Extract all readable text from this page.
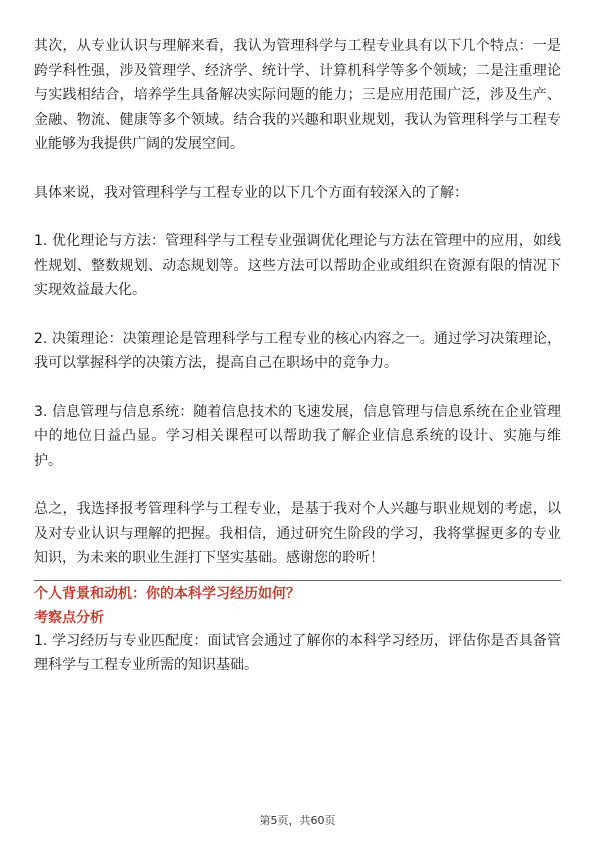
其次，从专业认识与理解来看，我认为管理科学与工程专业具有以下几个特点：一是跨学科性强，涉及管理学、经济学、统计学、计算机科学等多个领域；二是注重理论与实践相结合，培养学生具备解决实际问题的能力；三是应用范围广泛，涉及生产、金融、物流、健康等多个领域。结合我的兴趣和职业规划，我认为管理科学与工程专业能够为我提供广阔的发展空间。

具体来说，我对管理科学与工程专业的以下几个方面有较深入的了解：

1. 优化理论与方法：管理科学与工程专业强调优化理论与方法在管理中的应用，如线性规划、整数规划、动态规划等。这些方法可以帮助企业或组织在资源有限的情况下实现效益最大化。

2. 决策理论：决策理论是管理科学与工程专业的核心内容之一。通过学习决策理论，我可以掌握科学的决策方法，提高自己在职场中的竞争力。

3. 信息管理与信息系统：随着信息技术的飞速发展，信息管理与信息系统在企业管理中的地位日益凸显。学习相关课程可以帮助我了解企业信息系统的设计、实施与维护。

总之，我选择报考管理科学与工程专业，是基于我对个人兴趣与职业规划的考虑，以及对专业认识与理解的把握。我相信，通过研究生阶段的学习，我将掌握更多的专业知识，为未来的职业生涯打下坚实基础。感谢您的聆听！

个人背景和动机：你的本科学习经历如何？

考察点分析

1. 学习经历与专业匹配度：面试官会通过了解你的本科学习经历，评估你是否具备管理科学与工程专业所需的知识基础。

第5页，共60页
